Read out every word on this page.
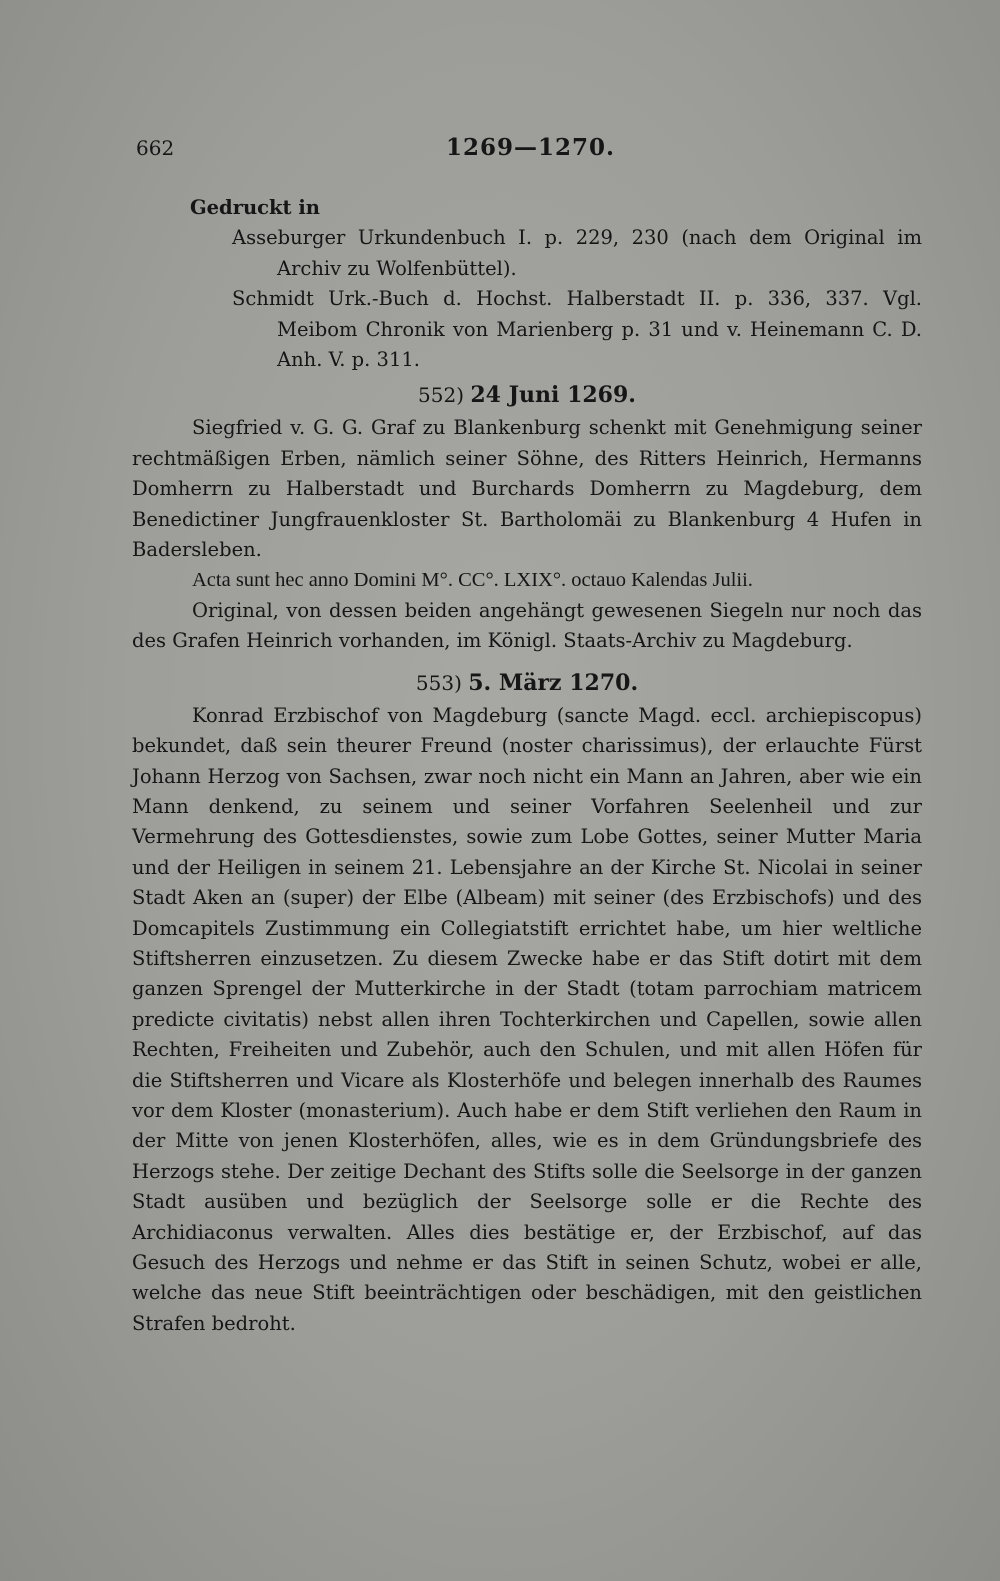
662	1269—1270.

Gedruckt in

Asseburger Urkundenbuch I. p. 229, 230 (nach dem Original im Archiv zu Wolfenbüttel).

Schmidt Urk.-Buch d. Hochst. Halberstadt II. p. 336, 337. Vgl. Meibom Chronik von Marienberg p. 31 und v. Heinemann C. D. Anh. V. p. 311.

552) 24 Juni 1269.

Siegfried v. G. G. Graf zu Blankenburg schenkt mit Genehmigung seiner rechtmäßigen Erben, nämlich seiner Söhne, des Ritters Heinrich, Hermanns Domherrn zu Halberstadt und Burchards Domherrn zu Magdeburg, dem Benedictiner Jungfrauenkloster St. Bartholomäi zu Blankenburg 4 Hufen in Badersleben.

Acta sunt hec anno Domini M°. CC°. LXIX°. octauo Kalendas Julii.

Original, von dessen beiden angehängt gewesenen Siegeln nur noch das des Grafen Heinrich vorhanden, im Königl. Staats-Archiv zu Magdeburg.

553) 5. März 1270.

Konrad Erzbischof von Magdeburg (sancte Magd. eccl. archiepiscopus) bekundet, daß sein theurer Freund (noster charissimus), der erlauchte Fürst Johann Herzog von Sachsen, zwar noch nicht ein Mann an Jahren, aber wie ein Mann denkend, zu seinem und seiner Vorfahren Seelenheil und zur Vermehrung des Gottesdienstes, sowie zum Lobe Gottes, seiner Mutter Maria und der Heiligen in seinem 21. Lebensjahre an der Kirche St. Nicolai in seiner Stadt Aken an (super) der Elbe (Albeam) mit seiner (des Erzbischofs) und des Domcapitels Zustimmung ein Collegiatstift errichtet habe, um hier weltliche Stiftsherren einzusetzen. Zu diesem Zwecke habe er das Stift dotirt mit dem ganzen Sprengel der Mutterkirche in der Stadt (totam parrochiam matricem predicte civitatis) nebst allen ihren Tochterkirchen und Capellen, sowie allen Rechten, Freiheiten und Zubehör, auch den Schulen, und mit allen Höfen für die Stiftsherren und Vicare als Klosterhöfe und belegen innerhalb des Raumes vor dem Kloster (monasterium). Auch habe er dem Stift verliehen den Raum in der Mitte von jenen Klosterhöfen, alles, wie es in dem Gründungsbriefe des Herzogs stehe. Der zeitige Dechant des Stifts solle die Seelsorge in der ganzen Stadt ausüben und bezüglich der Seelsorge solle er die Rechte des Archidiaconus verwalten. Alles dies bestätige er, der Erzbischof, auf das Gesuch des Herzogs und nehme er das Stift in seinen Schutz, wobei er alle, welche das neue Stift beeinträchtigen oder beschädigen, mit den geistlichen Strafen bedroht.
